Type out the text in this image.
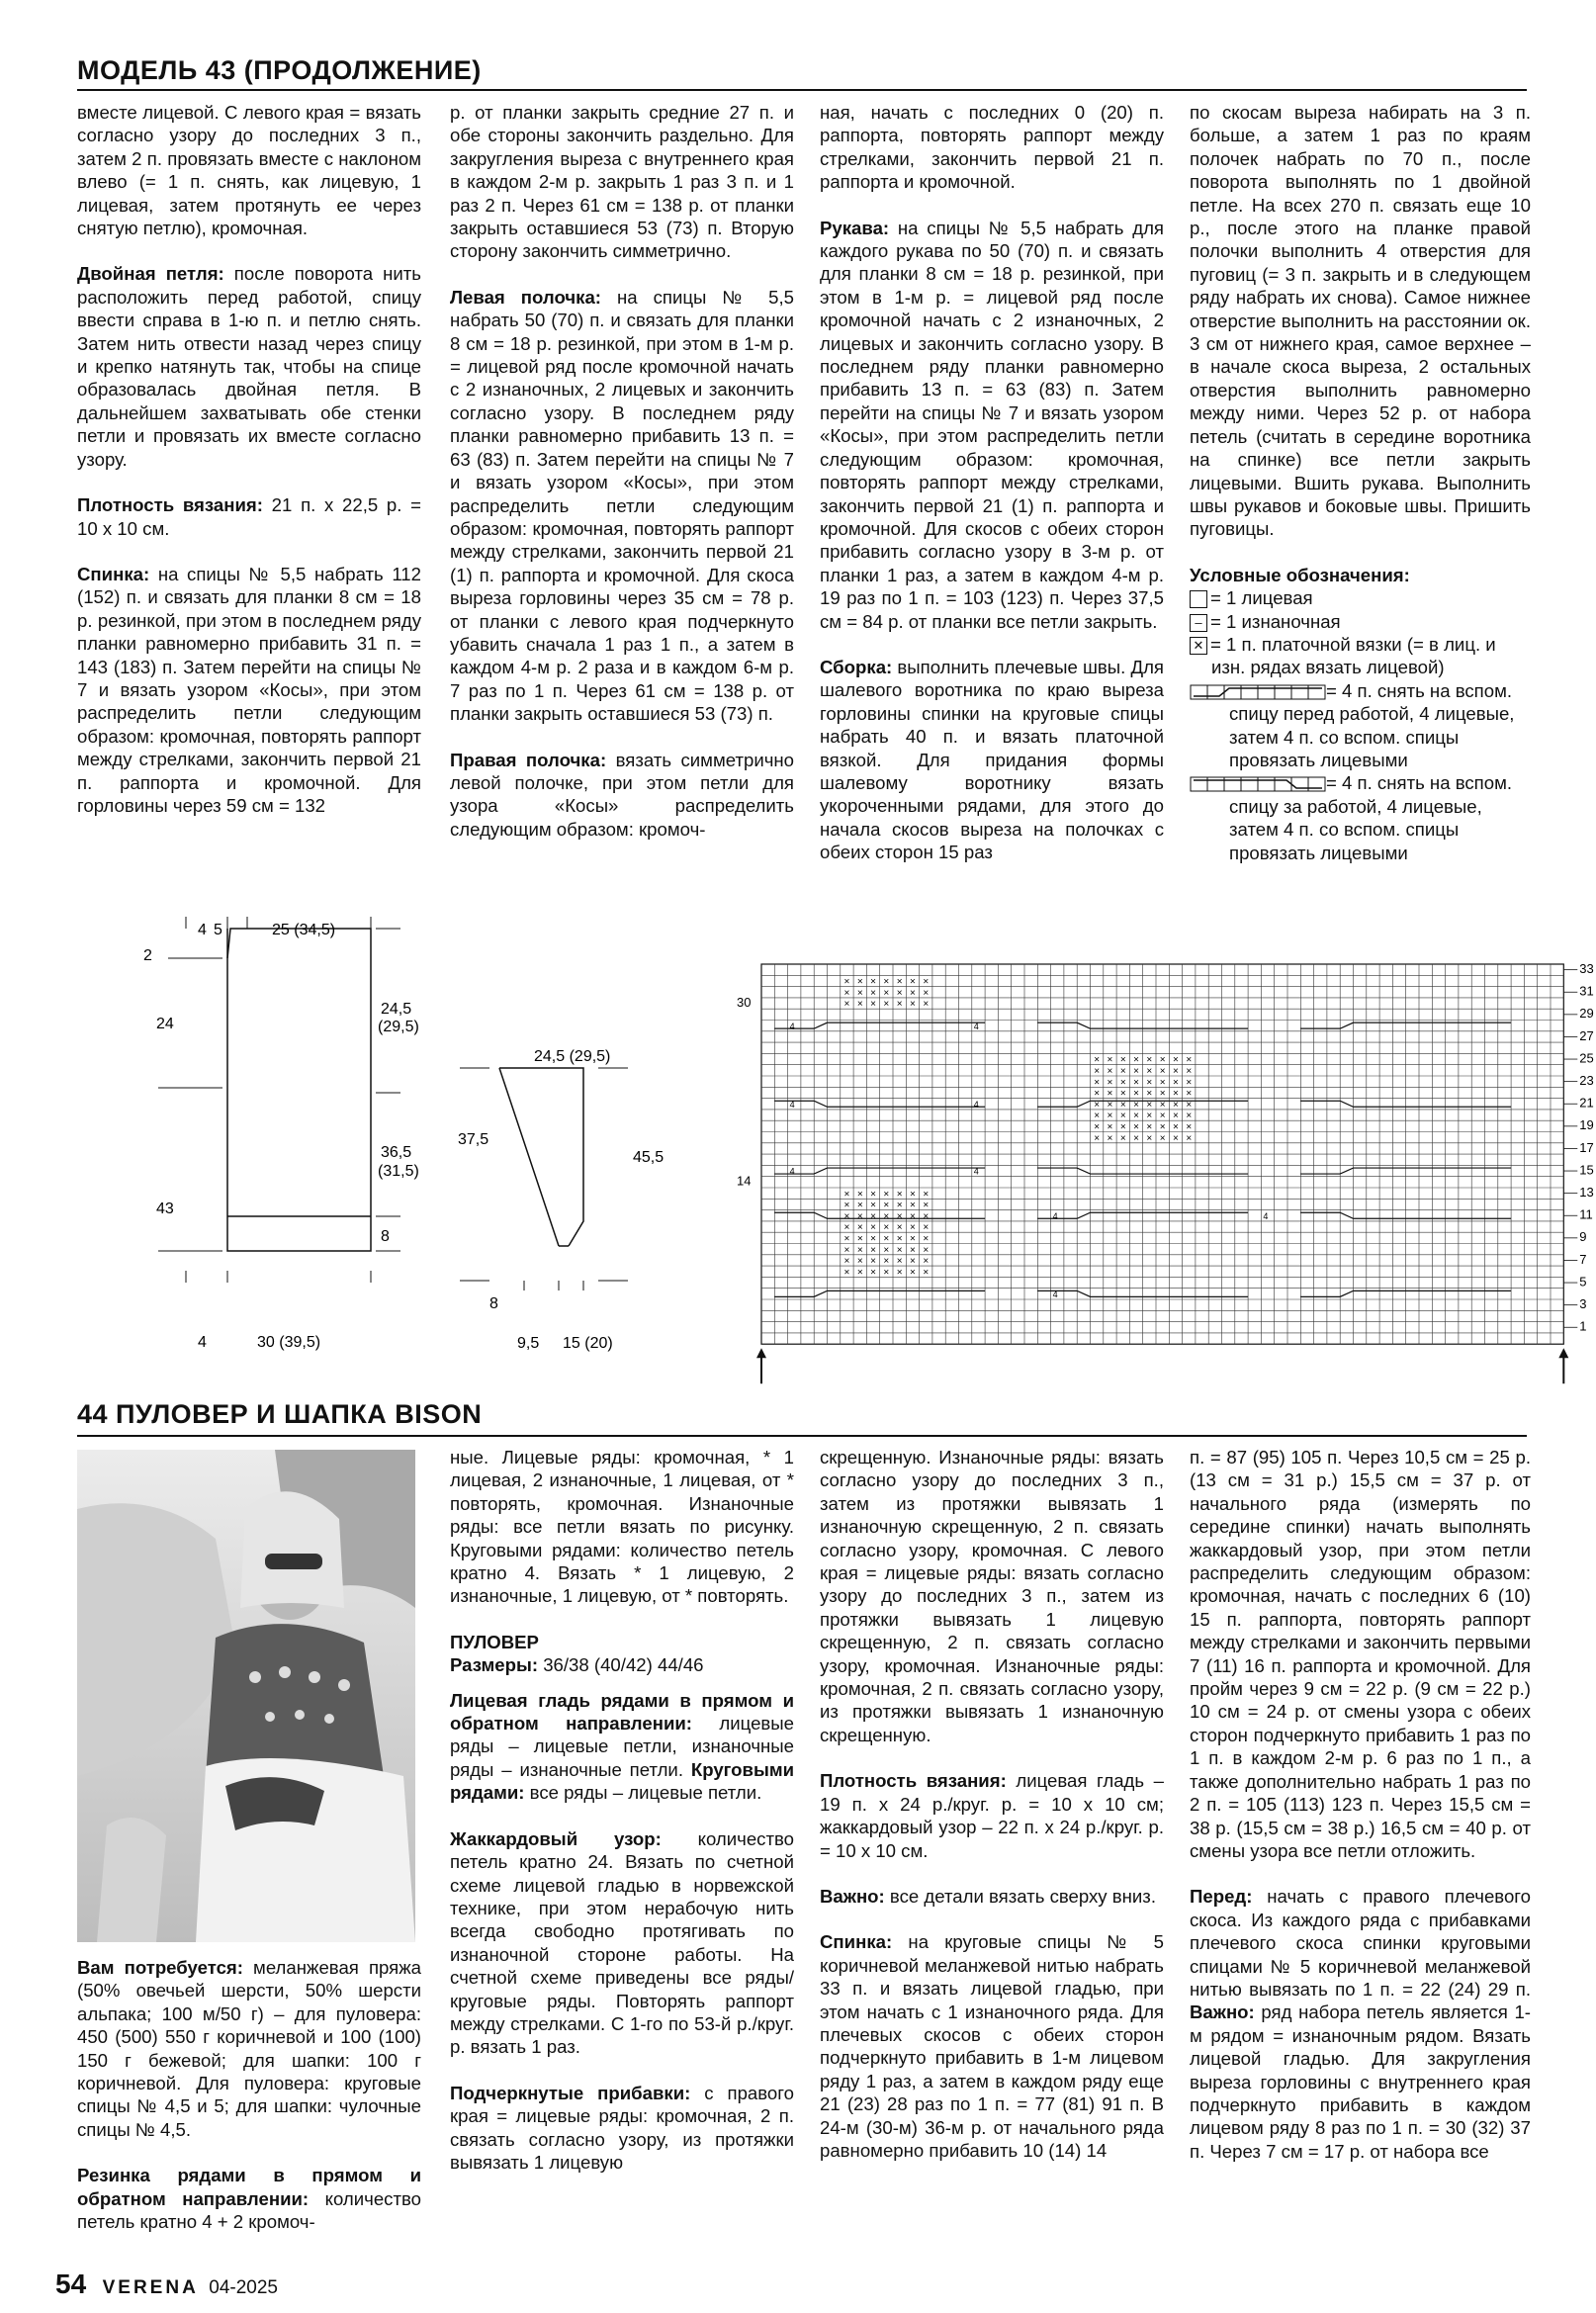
МОДЕЛЬ 43 (ПРОДОЛЖЕНИЕ)

вместе лицевой. С левого края = вязать согласно узору до последних 3 п., затем 2 п. провязать вместе с наклоном влево (= 1 п. снять, как лицевую, 1 лицевая, затем протянуть ее через снятую петлю), кромочная.

Двойная петля: после поворота нить расположить перед работой, спицу ввести справа в 1-ю п. и петлю снять. Затем нить отвести назад через спицу и крепко натянуть так, чтобы на спице образовалась двойная петля. В дальнейшем захватывать обе стенки петли и провязать их вместе согласно узору.

Плотность вязания: 21 п. х 22,5 р. = 10 х 10 см.

Спинка: на спицы № 5,5 набрать 112 (152) п. и связать для планки 8 см = 18 р. резинкой, при этом в последнем ряду планки равномерно прибавить 31 п. = 143 (183) п. Затем перейти на спицы № 7 и вязать узором «Косы», при этом распределить петли следующим образом: кромочная, повторять раппорт между стрелками, закончить первой 21 п. раппорта и кромочной. Для горловины через 59 см = 132

р. от планки закрыть средние 27 п. и обе стороны закончить раздельно. Для закругления выреза с внутреннего края в каждом 2-м р. закрыть 1 раз 3 п. и 1 раз 2 п. Через 61 см = 138 р. от планки закрыть оставшиеся 53 (73) п. Вторую сторону закончить симметрично.

Левая полочка: на спицы № 5,5 набрать 50 (70) п. и связать для планки 8 см = 18 р. резинкой, при этом в 1-м р. = лицевой ряд после кромочной начать с 2 изнаночных, 2 лицевых и закончить согласно узору. В последнем ряду планки равномерно прибавить 13 п. = 63 (83) п. Затем перейти на спицы № 7 и вязать узором «Косы», при этом распределить петли следующим образом: кромочная, повторять раппорт между стрелками, закончить первой 21 (1) п. раппорта и кромочной. Для скоса выреза горловины через 35 см = 78 р. от планки с левого края подчеркнуто убавить сначала 1 раз 1 п., а затем в каждом 4-м р. 2 раза и в каждом 6-м р. 7 раз по 1 п. Через 61 см = 138 р. от планки закрыть оставшиеся 53 (73) п.

Правая полочка: вязать симметрично левой полочке, при этом петли для узора «Косы» распределить следующим образом: кромоч-

ная, начать с последних 0 (20) п. раппорта, повторять раппорт между стрелками, закончить первой 21 п. раппорта и кромочной.

Рукава: на спицы № 5,5 набрать для каждого рукава по 50 (70) п. и связать для планки 8 см = 18 р. резинкой, при этом в 1-м р. = лицевой ряд после кромочной начать с 2 изнаночных, 2 лицевых и закончить согласно узору. В последнем ряду планки равномерно прибавить 13 п. = 63 (83) п. Затем перейти на спицы № 7 и вязать узором «Косы», при этом распределить петли следующим образом: кромочная, повторять раппорт между стрелками, закончить первой 21 (1) п. раппорта и кромочной. Для скосов с обеих сторон прибавить согласно узору в 3-м р. от планки 1 раз, а затем в каждом 4-м р. 19 раз по 1 п. = 103 (123) п. Через 37,5 см = 84 р. от планки все петли закрыть.

Сборка: выполнить плечевые швы. Для шалевого воротника по краю выреза горловины спинки на круговые спицы набрать 40 п. и вязать платочной вязкой. Для придания формы шалевому воротнику вязать укороченными рядами, для этого до начала скосов выреза на полочках с обеих сторон 15 раз

по скосам выреза набирать на 3 п. больше, а затем 1 раз по краям полочек набрать по 70 п., после поворота выполнять по 1 двойной петле. На всех 270 п. связать еще 10 р., после этого на планке правой полочки выполнить 4 отверстия для пуговиц (= 3 п. закрыть и в следующем ряду набрать их снова). Самое нижнее отверстие выполнить на расстоянии ок. 3 см от нижнего края, самое верхнее – в начале скоса выреза, 2 остальных отверстия выполнить равномерно между ними. Через 52 р. от набора петель (считать в середине воротника на спинке) все петли закрыть лицевыми. Вшить рукава. Выполнить швы рукавов и боковые швы. Пришить пуговицы.

Условные обозначения:
= 1 лицевая
– = 1 изнаночная
✕ = 1 п. платочной вязки (= в лиц. и
изн. рядах вязать лицевой)
= 4 п. снять на вспом.
спицу перед работой, 4 лицевые,
затем 4 п. со вспом. спицы
провязать лицевыми
= 4 п. снять на вспом.
спицу за работой, 4 лицевые,
затем 4 п. со вспом. спицы
провязать лицевыми
4 5	25 (34,5)
2
24
24,5
(29,5)
43
36,5
(31,5)
8
4	30 (39,5)
24,5 (29,5)
37,5
45,5
8
9,5 15 (20)
× × × × × × ×
× × × × × × ×
× × × × × × ×
× × × × × × ×
× × × × × × ×
× × × × × × ×
× × × × × × ×
× × × × × × ×
× × × × × × ×
× × × × × × ×
× × × × × × ×
× × × × × × × ×
× × × × × × × ×
× × × × × × × ×
× × × × × × × ×
× × × × × × × ×
× × × × × × × ×
× × × × × × × ×
× × × × × × × ×
4	4
4	4
4	4
4	4
4
33
31
29
27
25
23
21
19
17
15
13
11
9
7
5
3
1
30
14
44 ПУЛОВЕР И ШАПКА BISON

Вам потребуется: меланжевая пряжа (50% овечьей шерсти, 50% шерсти альпака; 100 м/50 г) – для пуловера: 450 (500) 550 г коричневой и 100 (100) 150 г бежевой; для шапки: 100 г коричневой. Для пуловера: круговые спицы № 4,5 и 5; для шапки: чулочные спицы № 4,5.

Резинка рядами в прямом и обратном направлении: количество петель кратно 4 + 2 кромоч-

ные. Лицевые ряды: кромочная, * 1 лицевая, 2 изнаночные, 1 лицевая, от * повторять, кромочная. Изнаночные ряды: все петли вязать по рисунку. Круговыми рядами: количество петель кратно 4. Вязать * 1 лицевую, 2 изнаночные, 1 лицевую, от * повторять.

ПУЛОВЕР
Размеры: 36/38 (40/42) 44/46

Лицевая гладь рядами в прямом и обратном направлении: лицевые ряды – лицевые петли, изнаночные ряды – изнаночные петли. Круговыми рядами: все ряды – лицевые петли.

Жаккардовый узор: количество петель кратно 24. Вязать по счетной схеме лицевой гладью в норвежской технике, при этом нерабочую нить всегда свободно протягивать по изнаночной стороне работы. На счетной схеме приведены все ряды/круговые ряды. Повторять раппорт между стрелками. С 1-го по 53-й р./круг. р. вязать 1 раз.

Подчеркнутые прибавки: с правого края = лицевые ряды: кромочная, 2 п. связать согласно узору, из протяжки вывязать 1 лицевую

скрещенную. Изнаночные ряды: вязать согласно узору до последних 3 п., затем из протяжки вывязать 1 изнаночную скрещенную, 2 п. связать согласно узору, кромочная. С левого края = лицевые ряды: вязать согласно узору до последних 3 п., затем из протяжки вывязать 1 лицевую скрещенную, 2 п. связать согласно узору, кромочная. Изнаночные ряды: кромочная, 2 п. связать согласно узору, из протяжки вывязать 1 изнаночную скрещенную.

Плотность вязания: лицевая гладь – 19 п. х 24 р./круг. р. = 10 х 10 см; жаккардовый узор – 22 п. х 24 р./круг. р. = 10 х 10 см.

Важно: все детали вязать сверху вниз.

Спинка: на круговые спицы № 5 коричневой меланжевой нитью набрать 33 п. и вязать лицевой гладью, при этом начать с 1 изнаночного ряда. Для плечевых скосов с обеих сторон подчеркнуто прибавить в 1-м лицевом ряду 1 раз, а затем в каждом ряду еще 21 (23) 28 раз по 1 п. = 77 (81) 91 п. В 24-м (30-м) 36-м р. от начального ряда равномерно прибавить 10 (14) 14

п. = 87 (95) 105 п. Через 10,5 см = 25 р. (13 см = 31 р.) 15,5 см = 37 р. от начального ряда (измерять по середине спинки) начать выполнять жаккардовый узор, при этом петли распределить следующим образом: кромочная, начать с последних 6 (10) 15 п. раппорта, повторять раппорт между стрелками и закончить первыми 7 (11) 16 п. раппорта и кромочной. Для пройм через 9 см = 22 р. (9 см = 22 р.) 10 см = 24 р. от смены узора с обеих сторон подчеркнуто прибавить 1 раз по 1 п. в каждом 2-м р. 6 раз по 1 п., а также дополнительно набрать 1 раз по 2 п. = 105 (113) 123 п. Через 15,5 см = 38 р. (15,5 см = 38 р.) 16,5 см = 40 р. от смены узора все петли отложить.

Перед: начать с правого плечевого скоса. Из каждого ряда с прибавками плечевого скоса спинки круговыми спицами № 5 коричневой меланжевой нитью вывязать по 1 п. = 22 (24) 29 п. Важно: ряд набора петель является 1-м рядом = изнаночным рядом. Вязать лицевой гладью. Для закругления выреза горловины с внутреннего края подчеркнуто прибавить в каждом лицевом ряду 8 раз по 1 п. = 30 (32) 37 п. Через 7 см = 17 р. от набора все

54 VERENA 04-2025
